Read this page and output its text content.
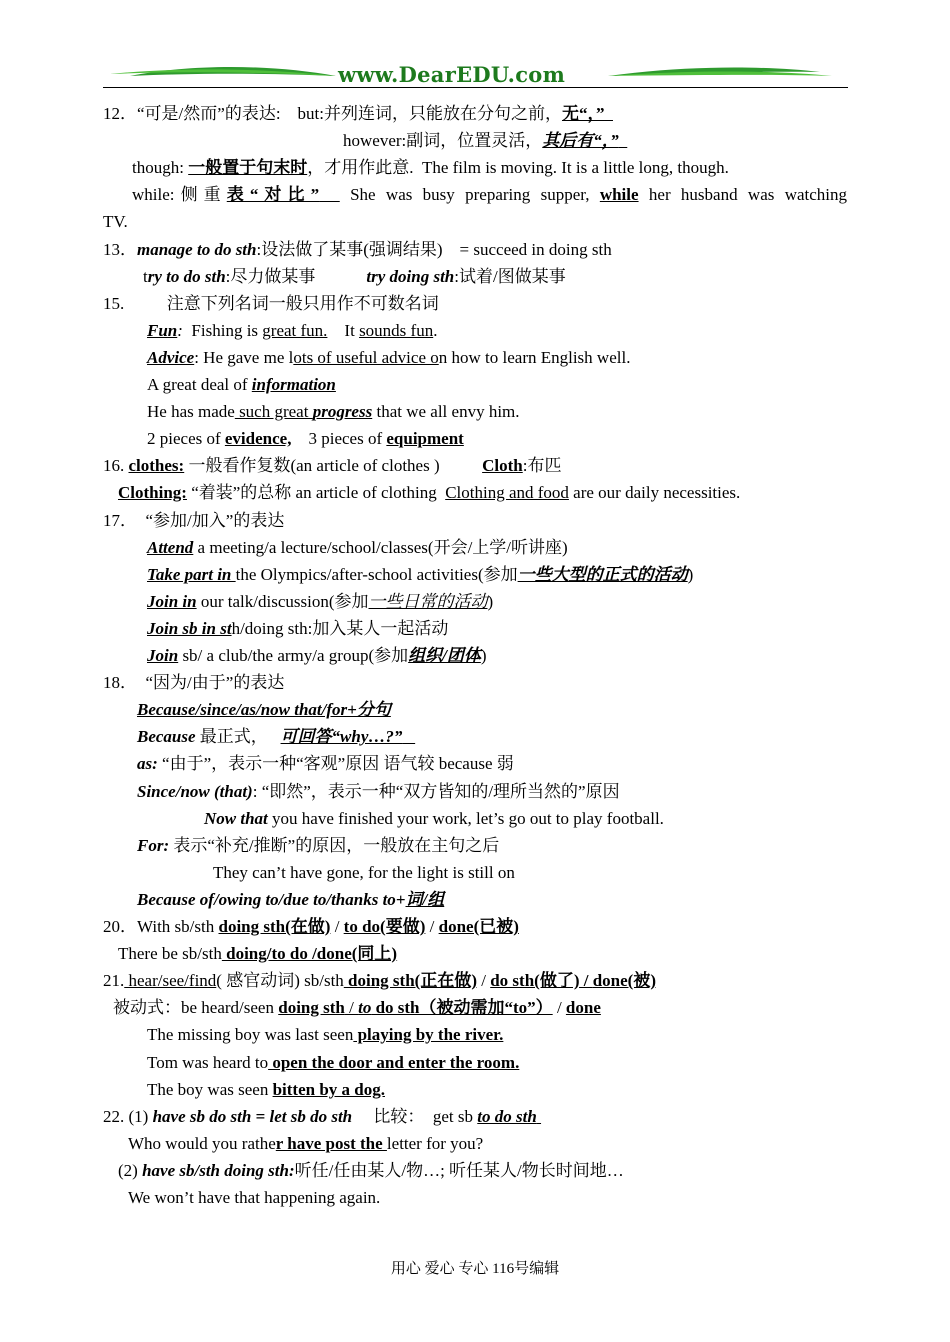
www.DearEDU.com
12．“可是/然而”的表达:    but:并列连词，只能放在分句之前，无“，”
however:副词，位置灵活，其后有“，”
though: 一般置于句末时，才用作此意.  The film is moving. It is a little long, though.
while:侧重表“对比”   She was busy preparing supper, while her husband was watching
TV.
13．manage to do sth:设法做了某事(强调结果)    = succeed in doing sth
try to do sth:尽力做某事            try doing sth:试着/图做某事
15.          注意下列名词一般只用作不可数名词
Fun:  Fishing is great fun.    It sounds fun.
Advice: He gave me lots of useful advice on how to learn English well.
A great deal of information
He has made such great progress that we all envy him.
2 pieces of evidence,    3 pieces of equipment
16. clothes: 一般看作复数(an article of clothes )          Cloth:布匹
Clothing: “着装”的总称 an article of clothing  Clothing and food are our daily necessities.
17．  “参加/加入”的表达
Attend a meeting/a lecture/school/classes(开会/上学/听讲座)
Take part in the Olympics/after-school activities(参加一些大型的正式的活动)
Join in our talk/discussion(参加一些日常的活动)
Join sb in sth/doing sth:加入某人一起活动
Join sb/ a club/the army/a group(参加组织/团体)
18．  “因为/由于”的表达
Because/since/as/now that/for+分句
Because 最正式，   可回答“why…?”
as: “由于”，表示一种“客观”原因 语气较 because 弱
Since/now (that): “即然”，表示一种“双方皆知的/理所当然的”原因
Now that you have finished your work, let’s go out to play football.
For: 表示“补充/推断”的原因，一般放在主句之后
They can’t have gone, for the light is still on
Because of/owing to/due to/thanks to+词/组
20．With sb/sth doing sth(在做) / to do(要做) / done(已被)
There be sb/sth doing/to do /done(同上)
21. hear/see/find( 感官动词) sb/sth doing sth(正在做) / do sth(做了) / done(被)
被动式：be heard/seen doing sth / to do sth（被动需加“to”） / done
The missing boy was last seen playing by the river.
Tom was heard to open the door and enter the room.
The boy was seen bitten by a dog.
22. (1) have sb do sth = let sb do sth     比较：  get sb to do sth
Who would you rather have post the letter for you?
(2) have sb/sth doing sth:听任/任由某人/物…; 听任某人/物长时间地…
We won’t have that happening again.
用心 爱心 专心 116号编辑
